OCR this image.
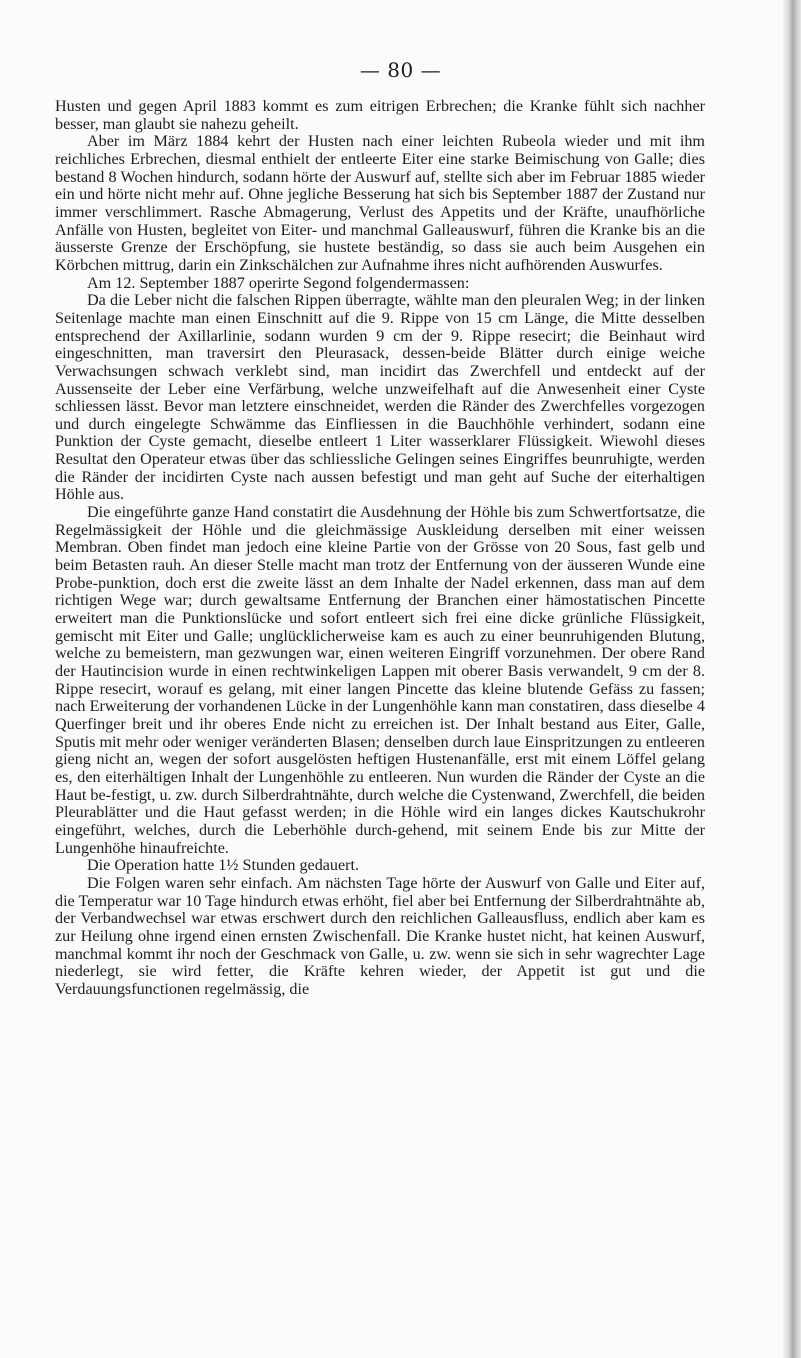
— 80 —

Husten und gegen April 1883 kommt es zum eitrigen Erbrechen; die Kranke fühlt sich nachher besser, man glaubt sie nahezu geheilt.

Aber im März 1884 kehrt der Husten nach einer leichten Rubeola wieder und mit ihm reichliches Erbrechen, diesmal enthielt der entleerte Eiter eine starke Beimischung von Galle; dies bestand 8 Wochen hindurch, sodann hörte der Auswurf auf, stellte sich aber im Februar 1885 wieder ein und hörte nicht mehr auf. Ohne jegliche Besserung hat sich bis September 1887 der Zustand nur immer verschlimmert. Rasche Abmagerung, Verlust des Appetits und der Kräfte, unaufhörliche Anfälle von Husten, begleitet von Eiter- und manchmal Galleauswurf, führen die Kranke bis an die äusserste Grenze der Erschöpfung, sie hustete beständig, so dass sie auch beim Ausgehen ein Körbchen mittrug, darin ein Zinkschälchen zur Aufnahme ihres nicht aufhörenden Auswurfes.

Am 12. September 1887 operirte Segond folgendermassen:

Da die Leber nicht die falschen Rippen überragte, wählte man den pleuralen Weg; in der linken Seitenlage machte man einen Einschnitt auf die 9. Rippe von 15 cm Länge, die Mitte desselben entsprechend der Axillarlinie, sodann wurden 9 cm der 9. Rippe resecirt; die Beinhaut wird eingeschnitten, man traversirt den Pleurasack, dessen-beide Blätter durch einige weiche Verwachsungen schwach verklebt sind, man incidirt das Zwerchfell und entdeckt auf der Aussenseite der Leber eine Verfärbung, welche unzweifelhaft auf die Anwesenheit einer Cyste schliessen lässt. Bevor man letztere einschneidet, werden die Ränder des Zwerchfelles vorgezogen und durch eingelegte Schwämme das Einfliessen in die Bauchhöhle verhindert, sodann eine Punktion der Cyste gemacht, dieselbe entleert 1 Liter wasserklarer Flüssigkeit. Wiewohl dieses Resultat den Operateur etwas über das schliessliche Gelingen seines Eingriffes beunruhigte, werden die Ränder der incidirten Cyste nach aussen befestigt und man geht auf Suche der eiterhaltigen Höhle aus.

Die eingeführte ganze Hand constatirt die Ausdehnung der Höhle bis zum Schwertfortsatze, die Regelmässigkeit der Höhle und die gleichmässige Auskleidung derselben mit einer weissen Membran. Oben findet man jedoch eine kleine Partie von der Grösse von 20 Sous, fast gelb und beim Betasten rauh. An dieser Stelle macht man trotz der Entfernung von der äusseren Wunde eine Probe-punktion, doch erst die zweite lässt an dem Inhalte der Nadel erkennen, dass man auf dem richtigen Wege war; durch gewaltsame Entfernung der Branchen einer hämostatischen Pincette erweitert man die Punktionslücke und sofort entleert sich frei eine dicke grünliche Flüssigkeit, gemischt mit Eiter und Galle; unglücklicherweise kam es auch zu einer beunruhigenden Blutung, welche zu bemeistern, man gezwungen war, einen weiteren Eingriff vorzunehmen. Der obere Rand der Hautincision wurde in einen rechtwinkeligen Lappen mit oberer Basis verwandelt, 9 cm der 8. Rippe resecirt, worauf es gelang, mit einer langen Pincette das kleine blutende Gefäss zu fassen; nach Erweiterung der vorhandenen Lücke in der Lungenhöhle kann man constatiren, dass dieselbe 4 Querfinger breit und ihr oberes Ende nicht zu erreichen ist. Der Inhalt bestand aus Eiter, Galle, Sputis mit mehr oder weniger veränderten Blasen; denselben durch laue Einspritzungen zu entleeren gieng nicht an, wegen der sofort ausgelösten heftigen Hustenanfälle, erst mit einem Löffel gelang es, den eiterhältigen Inhalt der Lungenhöhle zu entleeren. Nun wurden die Ränder der Cyste an die Haut be-festigt, u. zw. durch Silberdrahtnähte, durch welche die Cystenwand, Zwerchfell, die beiden Pleurablätter und die Haut gefasst werden; in die Höhle wird ein langes dickes Kautschukrohr eingeführt, welches, durch die Leberhöhle durch-gehend, mit seinem Ende bis zur Mitte der Lungenhöhe hinaufreichte.

Die Operation hatte 1½ Stunden gedauert.

Die Folgen waren sehr einfach. Am nächsten Tage hörte der Auswurf von Galle und Eiter auf, die Temperatur war 10 Tage hindurch etwas erhöht, fiel aber bei Entfernung der Silberdrahtnähte ab, der Verbandwechsel war etwas erschwert durch den reichlichen Galleausfluss, endlich aber kam es zur Heilung ohne irgend einen ernsten Zwischenfall. Die Kranke hustet nicht, hat keinen Auswurf, manchmal kommt ihr noch der Geschmack von Galle, u. zw. wenn sie sich in sehr wagrechter Lage niederlegt, sie wird fetter, die Kräfte kehren wieder, der Appetit ist gut und die Verdauungsfunctionen regelmässig, die
